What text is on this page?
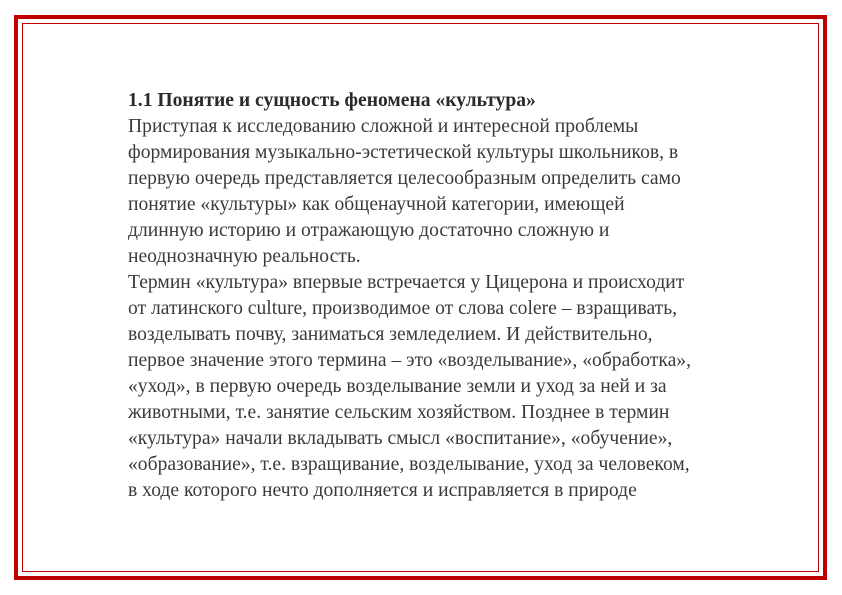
1.1 Понятие и сущность феномена «культура»

Приступая к исследованию сложной и интересной проблемы
формирования музыкально-эстетической культуры школьников, в
первую очередь представляется целесообразным определить само
понятие «культуры» как общенаучной категории, имеющей
длинную историю и отражающую достаточно сложную и
неоднозначную реальность.

Термин «культура» впервые встречается у Цицерона и происходит
от латинского culture, производимое от слова colere – взращивать,
возделывать почву, заниматься земледелием. И действительно,
первое значение этого термина – это «возделывание», «обработка»,
«уход», в первую очередь возделывание земли и уход за ней и за
животными, т.е. занятие сельским хозяйством. Позднее в термин
«культура» начали вкладывать смысл «воспитание», «обучение»,
«образование», т.е. взращивание, возделывание, уход за человеком,
в ходе которого нечто дополняется и исправляется в природе
